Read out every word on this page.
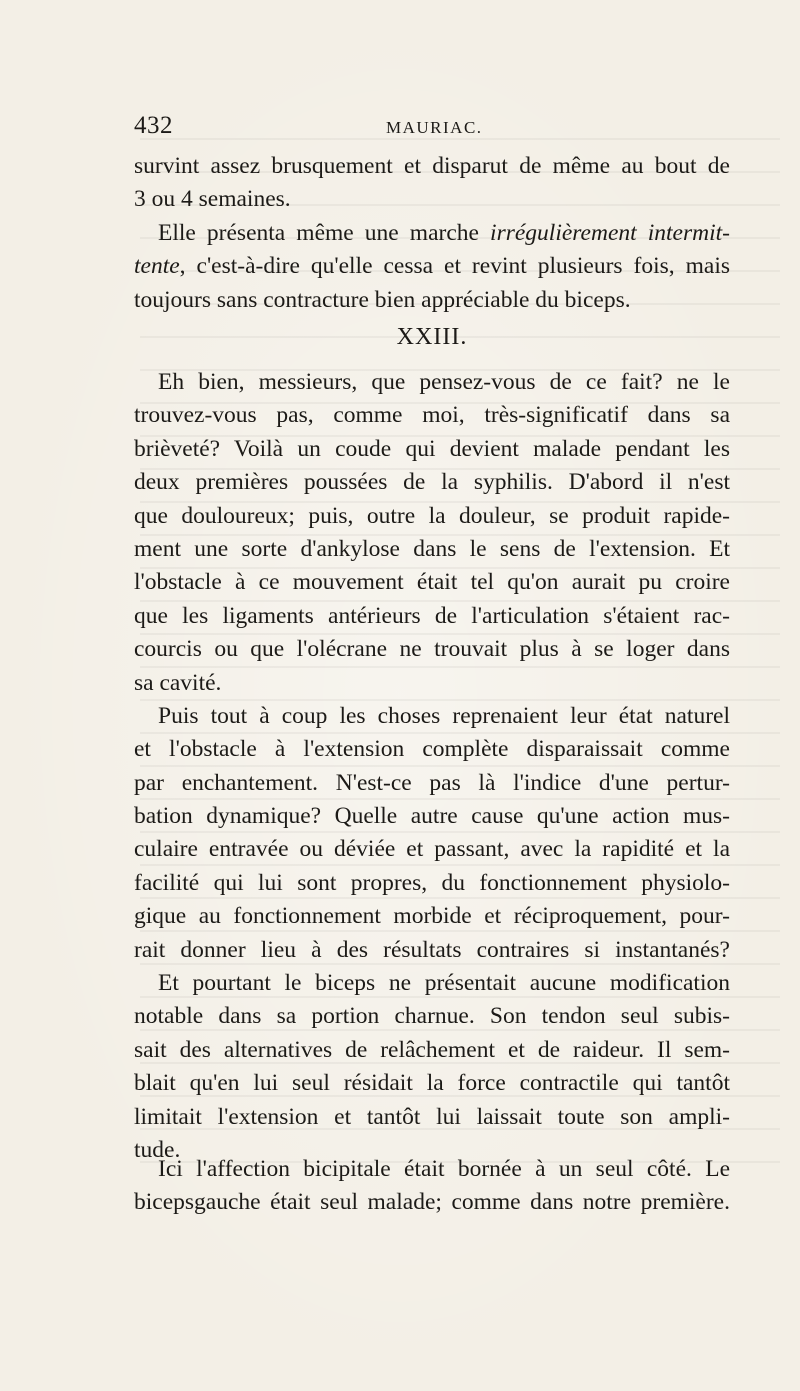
432	MAURIAC.
survint assez brusquement et disparut de même au bout de
3 ou 4 semaines.
Elle présenta même une marche irrégulièrement intermit-
tente, c'est-à-dire qu'elle cessa et revint plusieurs fois, mais
toujours sans contracture bien appréciable du biceps.
XXIII.
Eh bien, messieurs, que pensez-vous de ce fait? ne le
trouvez-vous pas, comme moi, très-significatif dans sa
brièveté? Voilà un coude qui devient malade pendant les
deux premières poussées de la syphilis. D'abord il n'est
que douloureux; puis, outre la douleur, se produit rapide-
ment une sorte d'ankylose dans le sens de l'extension. Et
l'obstacle à ce mouvement était tel qu'on aurait pu croire
que les ligaments antérieurs de l'articulation s'étaient rac-
courcis ou que l'olécrane ne trouvait plus à se loger dans
sa cavité.
Puis tout à coup les choses reprenaient leur état naturel
et l'obstacle à l'extension complète disparaissait comme
par enchantement. N'est-ce pas là l'indice d'une pertur-
bation dynamique? Quelle autre cause qu'une action mus-
culaire entravée ou déviée et passant, avec la rapidité et la
facilité qui lui sont propres, du fonctionnement physiolo-
gique au fonctionnement morbide et réciproquement, pour-
rait donner lieu à des résultats contraires si instantanés?
Et pourtant le biceps ne présentait aucune modification
notable dans sa portion charnue. Son tendon seul subis-
sait des alternatives de relâchement et de raideur. Il sem-
blait qu'en lui seul résidait la force contractile qui tantôt
limitait l'extension et tantôt lui laissait toute son ampli-
tude.
Ici l'affection bicipitale était bornée à un seul côté. Le
bicepsgauche était seul malade; comme dans notre première.
